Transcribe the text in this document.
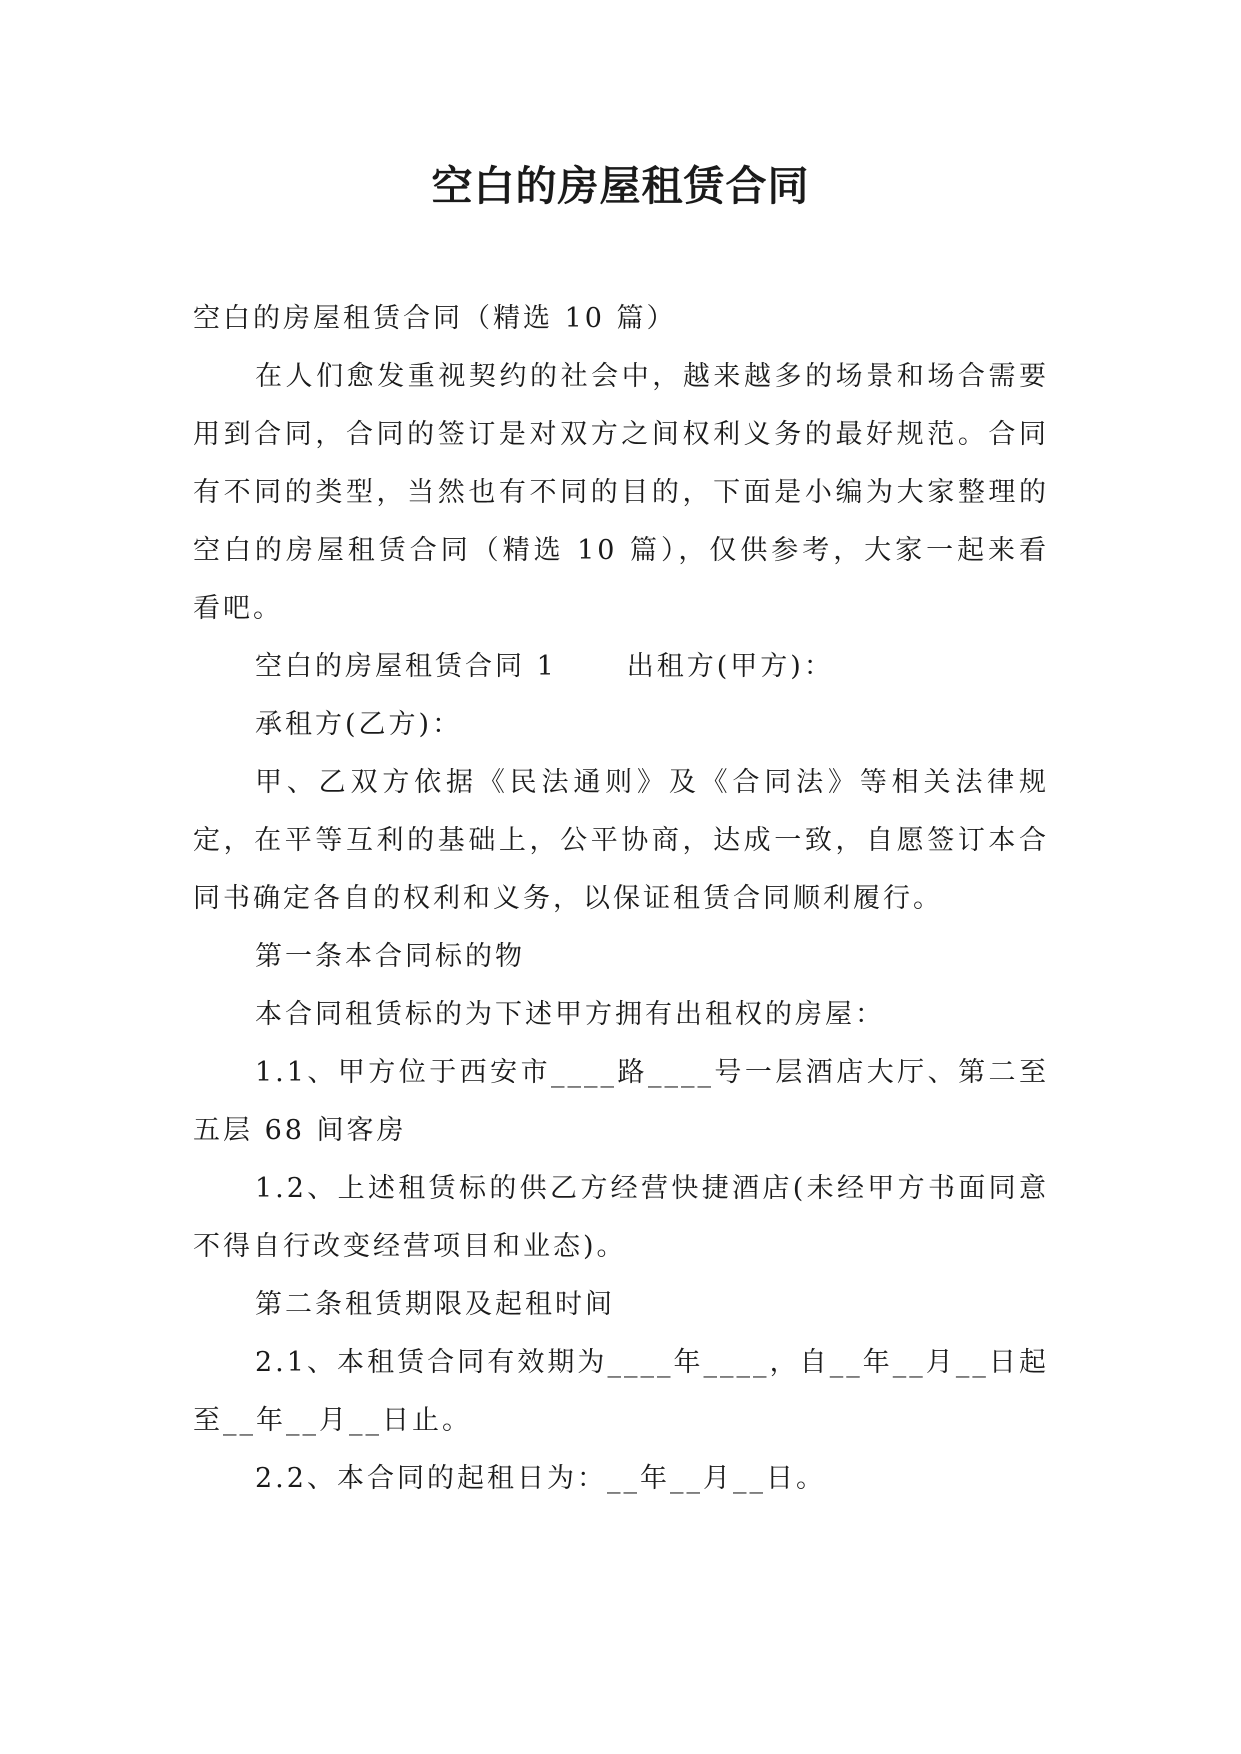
空白的房屋租赁合同

空白的房屋租赁合同（精选 10 篇）

在人们愈发重视契约的社会中，越来越多的场景和场合需要用到合同，合同的签订是对双方之间权利义务的最好规范。合同有不同的类型，当然也有不同的目的，下面是小编为大家整理的空白的房屋租赁合同（精选 10 篇），仅供参考，大家一起来看看吧。

空白的房屋租赁合同 1	出租方(甲方)：

承租方(乙方)：

甲、乙双方依据《民法通则》及《合同法》等相关法律规定，在平等互利的基础上，公平协商，达成一致，自愿签订本合同书确定各自的权利和义务，以保证租赁合同顺利履行。

第一条本合同标的物

本合同租赁标的为下述甲方拥有出租权的房屋：

1.1、甲方位于西安市____路____号一层酒店大厅、第二至五层 68 间客房

1.2、上述租赁标的供乙方经营快捷酒店(未经甲方书面同意不得自行改变经营项目和业态)。

第二条租赁期限及起租时间

2.1、本租赁合同有效期为____年____，自__年__月__日起至__年__月__日止。

2.2、本合同的起租日为：__年__月__日。
